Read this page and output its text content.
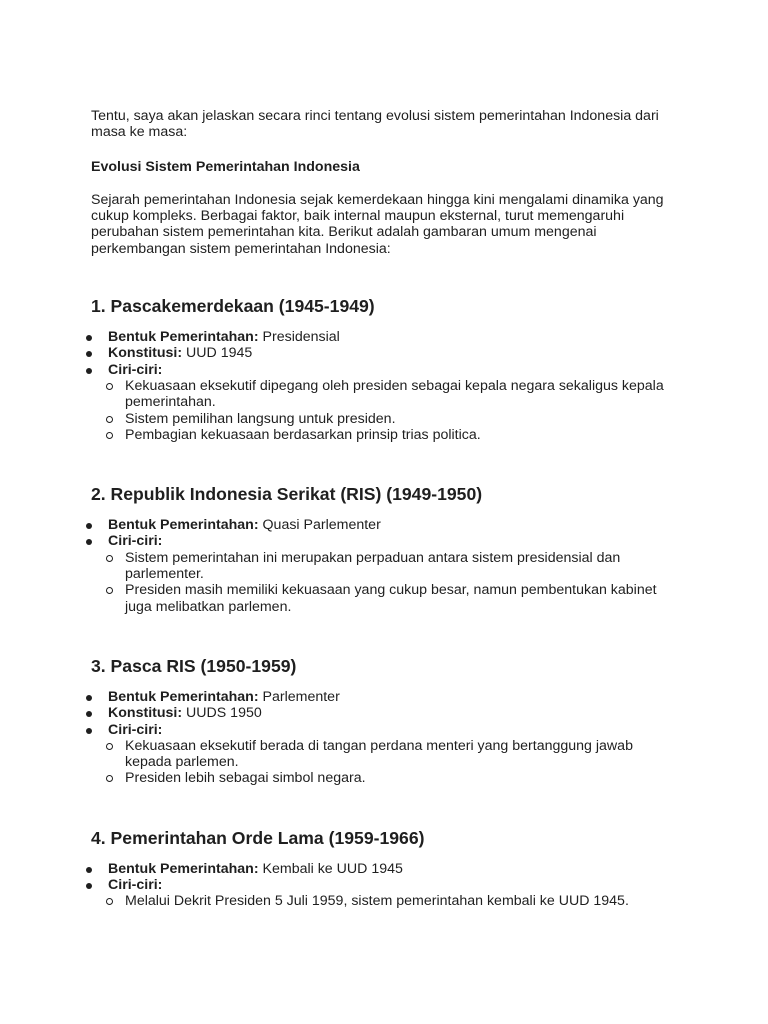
Tentu, saya akan jelaskan secara rinci tentang evolusi sistem pemerintahan Indonesia dari masa ke masa:

Evolusi Sistem Pemerintahan Indonesia

Sejarah pemerintahan Indonesia sejak kemerdekaan hingga kini mengalami dinamika yang cukup kompleks. Berbagai faktor, baik internal maupun eksternal, turut memengaruhi perubahan sistem pemerintahan kita. Berikut adalah gambaran umum mengenai perkembangan sistem pemerintahan Indonesia:

1. Pascakemerdekaan (1945-1949)
Bentuk Pemerintahan: Presidensial
Konstitusi: UUD 1945
Ciri-ciri:
Kekuasaan eksekutif dipegang oleh presiden sebagai kepala negara sekaligus kepala pemerintahan.
Sistem pemilihan langsung untuk presiden.
Pembagian kekuasaan berdasarkan prinsip trias politica.
2. Republik Indonesia Serikat (RIS) (1949-1950)
Bentuk Pemerintahan: Quasi Parlementer
Ciri-ciri:
Sistem pemerintahan ini merupakan perpaduan antara sistem presidensial dan parlementer.
Presiden masih memiliki kekuasaan yang cukup besar, namun pembentukan kabinet juga melibatkan parlemen.
3. Pasca RIS (1950-1959)
Bentuk Pemerintahan: Parlementer
Konstitusi: UUDS 1950
Ciri-ciri:
Kekuasaan eksekutif berada di tangan perdana menteri yang bertanggung jawab kepada parlemen.
Presiden lebih sebagai simbol negara.
4. Pemerintahan Orde Lama (1959-1966)
Bentuk Pemerintahan: Kembali ke UUD 1945
Ciri-ciri:
Melalui Dekrit Presiden 5 Juli 1959, sistem pemerintahan kembali ke UUD 1945.
